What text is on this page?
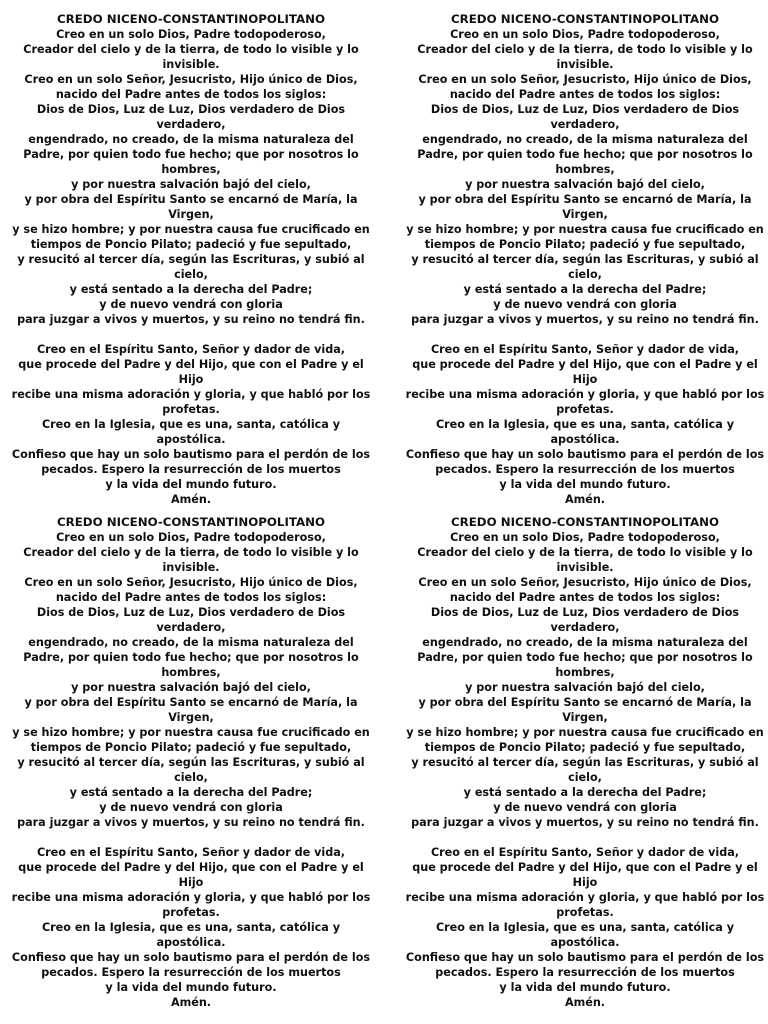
CREDO NICENO-CONSTANTINOPOLITANO
Creo en un solo Dios, Padre todopoderoso,
Creador del cielo y de la tierra, de todo lo visible y lo invisible.
Creo en un solo Señor, Jesucristo, Hijo único de Dios,
nacido del Padre antes de todos los siglos:
Dios de Dios, Luz de Luz, Dios verdadero de Dios verdadero,
engendrado, no creado, de la misma naturaleza del Padre, por quien todo fue hecho; que por nosotros lo hombres,
y por nuestra salvación bajó del cielo,
y por obra del Espíritu Santo se encarnó de María, la Virgen,
y se hizo hombre; y por nuestra causa fue crucificado en tiempos de Poncio Pilato; padeció y fue sepultado,
y resucitó al tercer día, según las Escrituras, y subió al cielo,
y está sentado a la derecha del Padre;
y de nuevo vendrá con gloria
para juzgar a vivos y muertos, y su reino no tendrá fin.
Creo en el Espíritu Santo, Señor y dador de vida,
que procede del Padre y del Hijo, que con el Padre y el Hijo
recibe una misma adoración y gloria, y que habló por los profetas.
Creo en la Iglesia, que es una, santa, católica y apostólica.
Confieso que hay un solo bautismo para el perdón de los pecados. Espero la resurrección de los muertos
y la vida del mundo futuro.
Amén.
CREDO NICENO-CONSTANTINOPOLITANO
Creo en un solo Dios, Padre todopoderoso,
Creador del cielo y de la tierra, de todo lo visible y lo invisible.
Creo en un solo Señor, Jesucristo, Hijo único de Dios,
nacido del Padre antes de todos los siglos:
Dios de Dios, Luz de Luz, Dios verdadero de Dios verdadero,
engendrado, no creado, de la misma naturaleza del Padre, por quien todo fue hecho; que por nosotros lo hombres,
y por nuestra salvación bajó del cielo,
y por obra del Espíritu Santo se encarnó de María, la Virgen,
y se hizo hombre; y por nuestra causa fue crucificado en tiempos de Poncio Pilato; padeció y fue sepultado,
y resucitó al tercer día, según las Escrituras, y subió al cielo,
y está sentado a la derecha del Padre;
y de nuevo vendrá con gloria
para juzgar a vivos y muertos, y su reino no tendrá fin.
Creo en el Espíritu Santo, Señor y dador de vida,
que procede del Padre y del Hijo, que con el Padre y el Hijo
recibe una misma adoración y gloria, y que habló por los profetas.
Creo en la Iglesia, que es una, santa, católica y apostólica.
Confieso que hay un solo bautismo para el perdón de los pecados. Espero la resurrección de los muertos
y la vida del mundo futuro.
Amén.
CREDO NICENO-CONSTANTINOPOLITANO
Creo en un solo Dios, Padre todopoderoso,
Creador del cielo y de la tierra, de todo lo visible y lo invisible.
Creo en un solo Señor, Jesucristo, Hijo único de Dios,
nacido del Padre antes de todos los siglos:
Dios de Dios, Luz de Luz, Dios verdadero de Dios verdadero,
engendrado, no creado, de la misma naturaleza del Padre, por quien todo fue hecho; que por nosotros lo hombres,
y por nuestra salvación bajó del cielo,
y por obra del Espíritu Santo se encarnó de María, la Virgen,
y se hizo hombre; y por nuestra causa fue crucificado en tiempos de Poncio Pilato; padeció y fue sepultado,
y resucitó al tercer día, según las Escrituras, y subió al cielo,
y está sentado a la derecha del Padre;
y de nuevo vendrá con gloria
para juzgar a vivos y muertos, y su reino no tendrá fin.
Creo en el Espíritu Santo, Señor y dador de vida,
que procede del Padre y del Hijo, que con el Padre y el Hijo
recibe una misma adoración y gloria, y que habló por los profetas.
Creo en la Iglesia, que es una, santa, católica y apostólica.
Confieso que hay un solo bautismo para el perdón de los pecados. Espero la resurrección de los muertos
y la vida del mundo futuro.
Amén.
CREDO NICENO-CONSTANTINOPOLITANO
Creo en un solo Dios, Padre todopoderoso,
Creador del cielo y de la tierra, de todo lo visible y lo invisible.
Creo en un solo Señor, Jesucristo, Hijo único de Dios,
nacido del Padre antes de todos los siglos:
Dios de Dios, Luz de Luz, Dios verdadero de Dios verdadero,
engendrado, no creado, de la misma naturaleza del Padre, por quien todo fue hecho; que por nosotros lo hombres,
y por nuestra salvación bajó del cielo,
y por obra del Espíritu Santo se encarnó de María, la Virgen,
y se hizo hombre; y por nuestra causa fue crucificado en tiempos de Poncio Pilato; padeció y fue sepultado,
y resucitó al tercer día, según las Escrituras, y subió al cielo,
y está sentado a la derecha del Padre;
y de nuevo vendrá con gloria
para juzgar a vivos y muertos, y su reino no tendrá fin.
Creo en el Espíritu Santo, Señor y dador de vida,
que procede del Padre y del Hijo, que con el Padre y el Hijo
recibe una misma adoración y gloria, y que habló por los profetas.
Creo en la Iglesia, que es una, santa, católica y apostólica.
Confieso que hay un solo bautismo para el perdón de los pecados. Espero la resurrección de los muertos
y la vida del mundo futuro.
Amén.
